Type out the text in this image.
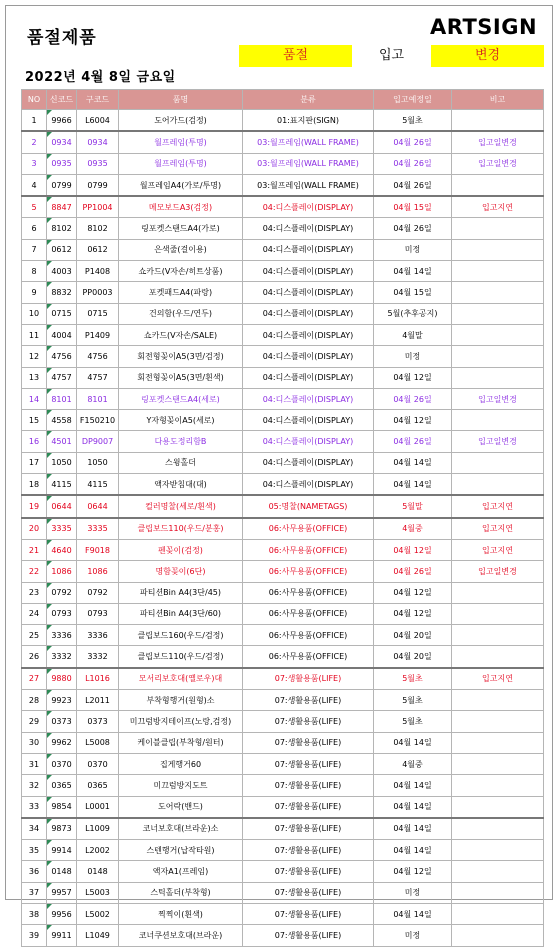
품절제품	ARTSIGN
품절	입고	변경
2022년 4월 8일 금요일
NO	신코드	구코드	품명	분류	입고예정일	비고
1	9966	L6004	도어가드(검정)	01:표지판(SIGN)	5월초	
2	0934	0934	월프레임(투명)	03:월프레임(WALL FRAME)	04월 26일	입고일변경
3	0935	0935	월프레임(투명)	03:월프레임(WALL FRAME)	04월 26일	입고일변경
4	0799	0799	월프레임A4(가로/투명)	03:월프레임(WALL FRAME)	04월 26일	
5	8847	PP1004	메모보드A3(검정)	04:디스플레이(DISPLAY)	04월 15일	입고지연
6	8102	8102	링포켓스탠드A4(가로)	04:디스플레이(DISPLAY)	04월 26일	
7	0612	0612	은색줄(걸이용)	04:디스플레이(DISPLAY)	미정	
8	4003	P1408	쇼카드(V자손/히트상품)	04:디스플레이(DISPLAY)	04월 14일	
9	8832	PP0003	포켓패드A4(파랑)	04:디스플레이(DISPLAY)	04월 15일	
10	0715	0715	건의함(우드/연두)	04:디스플레이(DISPLAY)	5월(추후공지)	
11	4004	P1409	쇼카드(V자손/SALE)	04:디스플레이(DISPLAY)	4월말	
12	4756	4756	회전형꽂이A5(3면/검정)	04:디스플레이(DISPLAY)	미정	
13	4757	4757	회전형꽂이A5(3면/흰색)	04:디스플레이(DISPLAY)	04월 12일	
14	8101	8101	링포켓스탠드A4(세로)	04:디스플레이(DISPLAY)	04월 26일	입고일변경
15	4558	F150210	Y자형꽂이A5(세로)	04:디스플레이(DISPLAY)	04월 12일	
16	4501	DP9007	다용도정리함B	04:디스플레이(DISPLAY)	04월 26일	입고일변경
17	1050	1050	스윙홀더	04:디스플레이(DISPLAY)	04월 14일	
18	4115	4115	액자받침대(대)	04:디스플레이(DISPLAY)	04월 14일	
19	0644	0644	컬러명찰(세로/흰색)	05:명찰(NAMETAGS)	5월말	입고지연
20	3335	3335	클립보드110(우드/분홍)	06:사무용품(OFFICE)	4월중	입고지연
21	4640	F9018	펜꽂이(검정)	06:사무용품(OFFICE)	04월 12일	입고지연
22	1086	1086	명함꽂이(6단)	06:사무용품(OFFICE)	04월 26일	입고일변경
23	0792	0792	파티션Bin A4(3단/45)	06:사무용품(OFFICE)	04월 12일	
24	0793	0793	파티션Bin A4(3단/60)	06:사무용품(OFFICE)	04월 12일	
25	3336	3336	클립보드160(우드/검정)	06:사무용품(OFFICE)	04월 20일	
26	3332	3332	클립보드110(우드/검정)	06:사무용품(OFFICE)	04월 20일	
27	9880	L1016	모서리보호대(옐로우)대	07:생활용품(LIFE)	5월초	입고지연
28	9923	L2011	부착형행거(원형)소	07:생활용품(LIFE)	5월초	
29	0373	0373	미끄럼방지테이프(노랑,검정)	07:생활용품(LIFE)	5월초	
30	9962	L5008	케이블클립(부착형/원터)	07:생활용품(LIFE)	04월 14일	
31	0370	0370	집게행거60	07:생활용품(LIFE)	4월중	
32	0365	0365	미끄럼방지도트	07:생활용품(LIFE)	04월 14일	
33	9854	L0001	도어락(밴드)	07:생활용품(LIFE)	04월 14일	
34	9873	L1009	코너보호대(브라운)소	07:생활용품(LIFE)	04월 14일	
35	9914	L2002	스텐행거(납작타원)	07:생활용품(LIFE)	04월 14일	
36	0148	0148	액자A1(프레임)	07:생활용품(LIFE)	04월 12일	
37	9957	L5003	스틱홀더(부착형)	07:생활용품(LIFE)	미정	
38	9956	L5002	찍찍이(흰색)	07:생활용품(LIFE)	04월 14일	
39	9911	L1049	코너쿠션보호대(브라운)	07:생활용품(LIFE)	미정	
